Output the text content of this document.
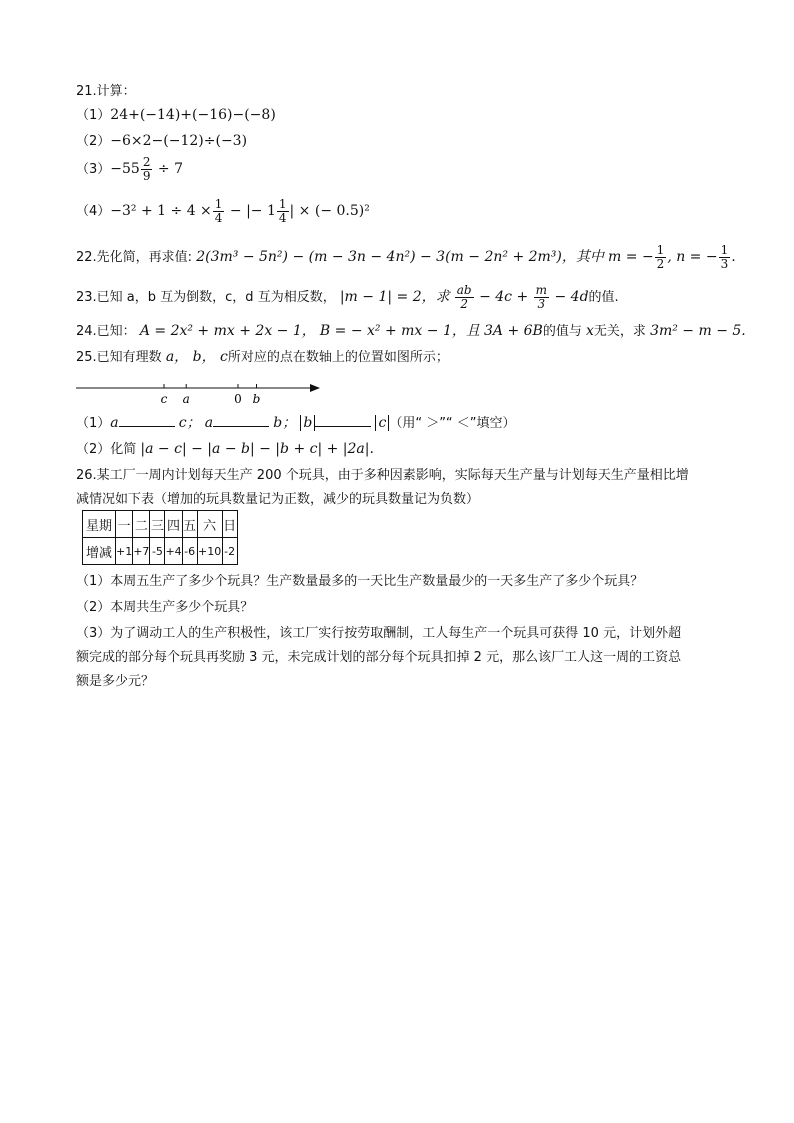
21.计算：
（1）24+(−14)+(−16)−(−8)
（2）−6×2−(−12)÷(−3)
$(3)-55 \frac{2}{9} \div 7$
$(4)-3^2 + 1 \div 4 \times \frac{1}{4}$ − |− $1 \frac{1}{4}$ | × (− 0.5)²
22.先化简，再求值: 2(3m³ − 5n²) − (m − 3n − 4n²) − 3(m − 2n² + 2m³)，其中 m = − $\frac{1}{2}$ , n = − $\frac{1}{3}$ .
23.已知 a，b 互为倒数，c，d 互为相反数， |m − 1| = 2，求 $\frac{ab}{2} - 4c + \frac{m}{3} - 4d$的值.
24.已知： A = 2x² + mx + 2x − 1， B = − x² + mx − 1，且 3A + 6B的值与 x无关，求 3m² − m − 5.
25.已知有理数 a， b， c所对应的点在数轴上的位置如图所示；
c a	0 b
（1）a	c； a	b； b	c （用“ ＞”“ ＜”填空）
（2）化简 |a − c| − |a − b| − |b + c| + |2a|.
26.某工厂一周内计划每天生产 200 个玩具，由于多种因素影响，实际每天生产量与计划每天生产量相比增
减情况如下表（增加的玩具数量记为正数，减少的玩具数量记为负数）
星期	一	二	三	四	五	六	日
增减	+1	+7	-5	+4	-6	+10	-2
（1）本周五生产了多少个玩具？生产数量最多的一天比生产数量最少的一天多生产了多少个玩具？
（2）本周共生产多少个玩具？
（3）为了调动工人的生产积极性，该工厂实行按劳取酬制，工人每生产一个玩具可获得 10 元，计划外超
额完成的部分每个玩具再奖励 3 元，未完成计划的部分每个玩具扣掉 2 元，那么该厂工人这一周的工资总
额是多少元？
